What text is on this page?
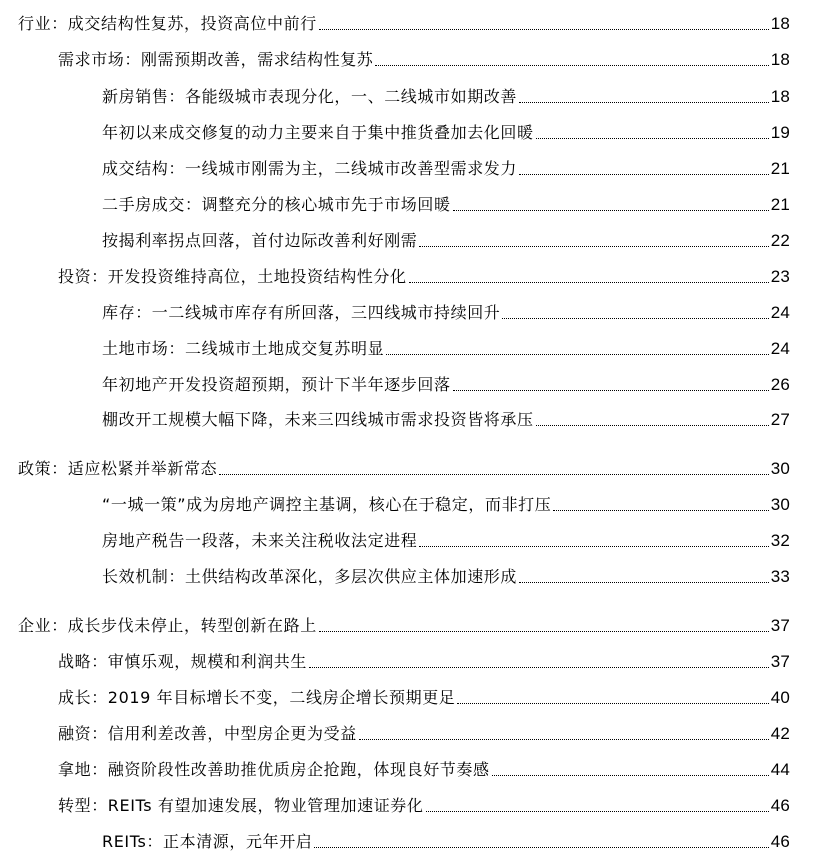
行业：成交结构性复苏，投资高位中前行	18
需求市场：刚需预期改善，需求结构性复苏	18
新房销售：各能级城市表现分化，一、二线城市如期改善	18
年初以来成交修复的动力主要来自于集中推货叠加去化回暖	19
成交结构：一线城市刚需为主，二线城市改善型需求发力	21
二手房成交：调整充分的核心城市先于市场回暖	21
按揭利率拐点回落，首付边际改善利好刚需	22
投资：开发投资维持高位，土地投资结构性分化	23
库存：一二线城市库存有所回落，三四线城市持续回升	24
土地市场：二线城市土地成交复苏明显	24
年初地产开发投资超预期，预计下半年逐步回落	26
棚改开工规模大幅下降，未来三四线城市需求投资皆将承压	27
政策：适应松紧并举新常态	30
“一城一策”成为房地产调控主基调，核心在于稳定，而非打压	30
房地产税告一段落，未来关注税收法定进程	32
长效机制：土供结构改革深化，多层次供应主体加速形成	33
企业：成长步伐未停止，转型创新在路上	37
战略：审慎乐观，规模和利润共生	37
成长：2019 年目标增长不变，二线房企增长预期更足	40
融资：信用利差改善，中型房企更为受益	42
拿地：融资阶段性改善助推优质房企抢跑，体现良好节奏感	44
转型：REITs 有望加速发展，物业管理加速证券化	46
REITs：正本清源，元年开启	46
